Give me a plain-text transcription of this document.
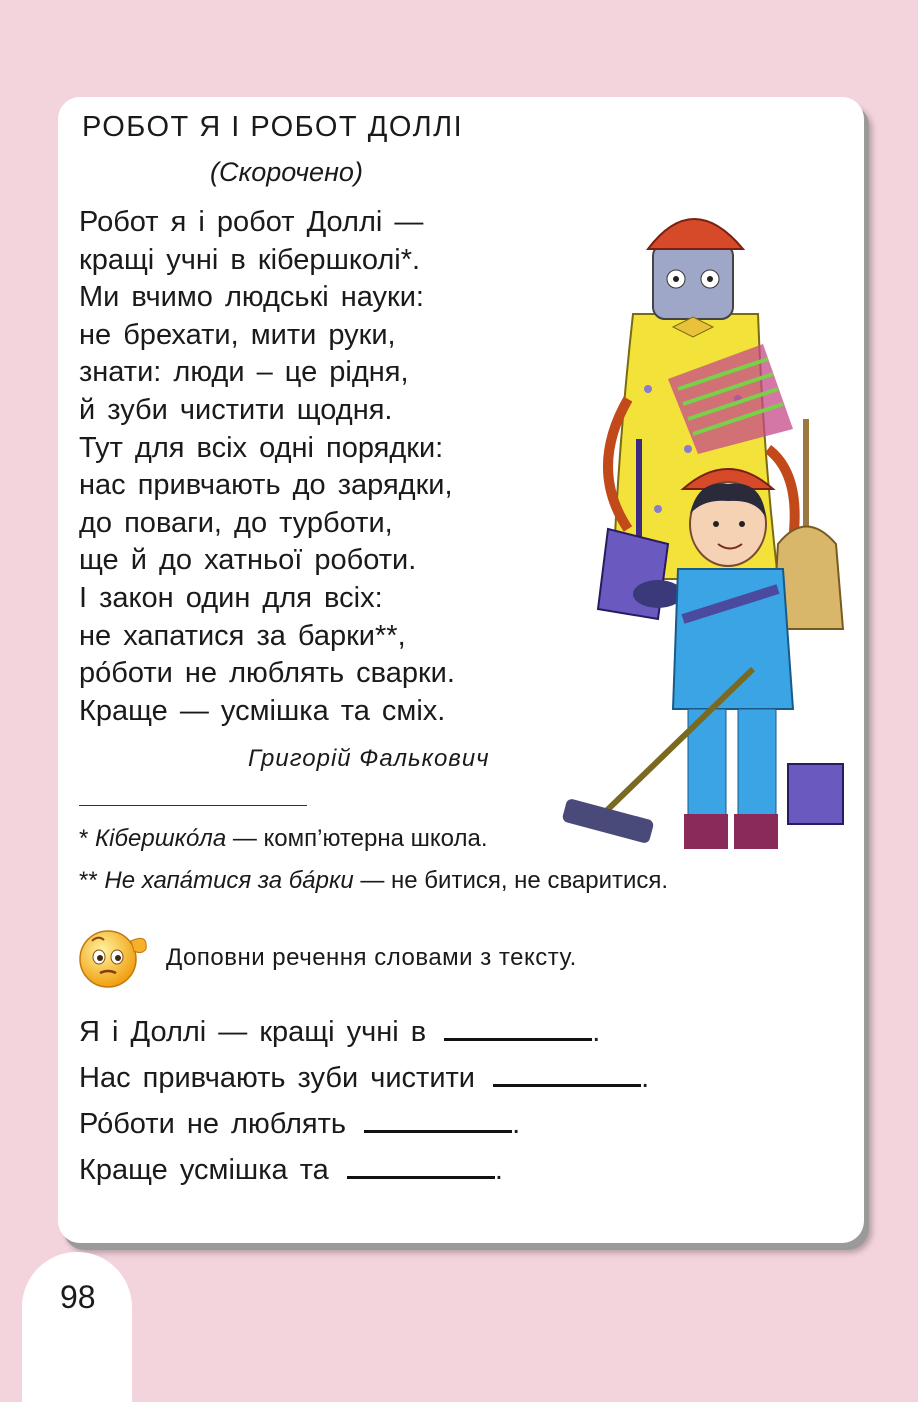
РОБОТ Я І РОБОТ ДОЛЛІ
(Скорочено)
Робот я і робот Доллі —
кращі учні в кібершколі*.
Ми вчимо людські науки:
не брехати, мити руки,
знати: люди – це рідня,
й зуби чистити щодня.
Тут для всіх одні порядки:
нас привчають до зарядки,
до поваги, до турботи,
ще й до хатньої роботи.
І закон один для всіх:
не хапатися за барки**,
ро́боти не люблять сварки.
Краще — усмішка та сміх.
Григорій Фалькович
* Кібершко́ла — комп’ютерна школа.
** Не хапа́тися за ба́рки — не битися, не сваритися.
Доповни речення словами з тексту.
Я і Доллі — кращі учні в	.
Нас привчають зуби чистити	.
Ро́боти не люблять	.
Краще усмішка та	.
98
